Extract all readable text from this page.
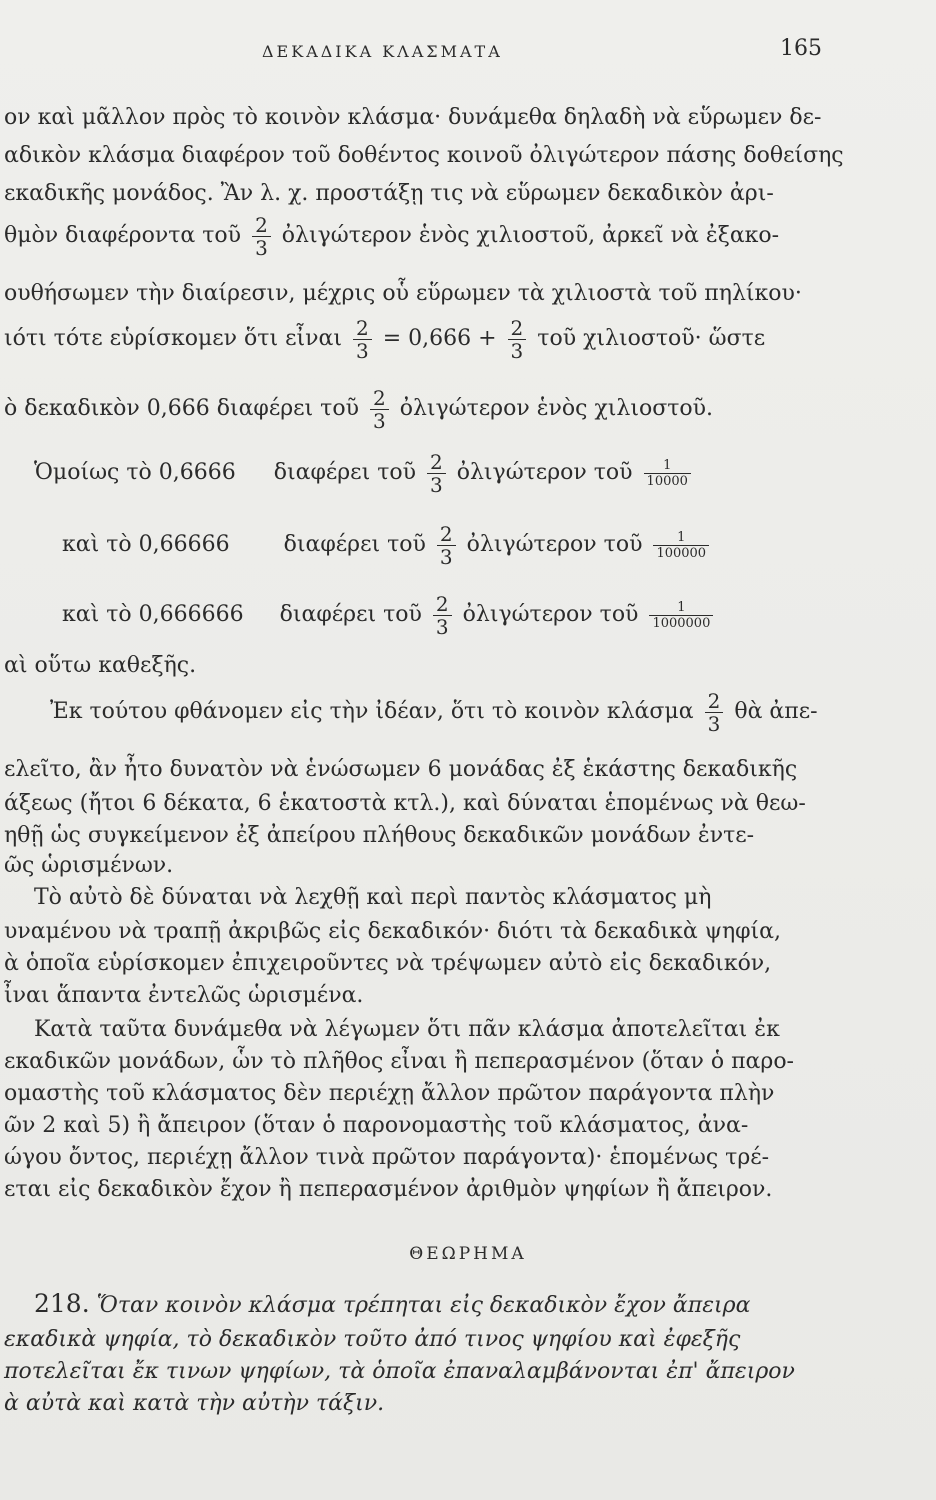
ΔΕΚΑΔΙΚΑ ΚΛΑΣΜΑΤΑ	165
ον καὶ μᾶλλον πρὸς τὸ κοινὸν κλάσμα· δυνάμεθα δηλαδὴ νὰ εὕρωμεν δε-
αδικὸν κλάσμα διαφέρον τοῦ δοθέντος κοινοῦ ὀλιγώτερον πάσης δοθείσης
εκαδικῆς μονάδος. Ἂν λ. χ. προστάξῃ τις νὰ εὕρωμεν δεκαδικὸν ἀρι-
θμὸν διαφέροντα τοῦ $\frac{2}{3}$ ὀλιγώτερον ἑνὸς χιλιοστοῦ, ἀρκεῖ νὰ ἐξακο-
ουθήσωμεν τὴν διαίρεσιν, μέχρις οὗ εὕρωμεν τὰ χιλιοστὰ τοῦ πηλίκου·
ιότι τότε εὑρίσκομεν ὅτι εἶναι $\frac{2}{3} = 0,666 + \frac{2}{3}$ τοῦ χιλιοστοῦ· ὥστε
ὸ δεκαδικὸν 0,666 διαφέρει τοῦ $\frac{2}{3}$ ὀλιγώτερον ἑνὸς χιλιοστοῦ.
Ὁμοίως τὸ 0,6666 διαφέρει τοῦ $\frac{2}{3}$ ὀλιγώτερον τοῦ $\frac{1}{10000}$
καὶ τὸ 0,66666 διαφέρει τοῦ $\frac{2}{3}$ ὀλιγώτερον τοῦ $\frac{1}{100000}$
καὶ τὸ 0,666666 διαφέρει τοῦ $\frac{2}{3}$ ὀλιγώτερον τοῦ $\frac{1}{1000000}$
αὶ οὕτω καθεξῆς.
Ἐκ τούτου φθάνομεν εἰς τὴν ἰδέαν, ὅτι τὸ κοινὸν κλάσμα $\frac{2}{3}$ θὰ ἀπε-
ελεῖτο, ἂν ἦτο δυνατὸν νὰ ἑνώσωμεν 6 μονάδας ἐξ ἑκάστης δεκαδικῆς
άξεως (ἤτοι 6 δέκατα, 6 ἑκατοστὰ κτλ.), καὶ δύναται ἑπομένως νὰ θεω-
ηθῇ ὡς συγκείμενον ἐξ ἀπείρου πλήθους δεκαδικῶν μονάδων ἐντε-
ῶς ὡρισμένων.
Τὸ αὐτὸ δὲ δύναται νὰ λεχθῇ καὶ περὶ παντὸς κλάσματος μὴ
υναμένου νὰ τραπῇ ἀκριβῶς εἰς δεκαδικόν· διότι τὰ δεκαδικὰ ψηφία,
ὰ ὁποῖα εὑρίσκομεν ἐπιχειροῦντες νὰ τρέψωμεν αὐτὸ εἰς δεκαδικόν,
ἶναι ἅπαντα ἐντελῶς ὡρισμένα.
Κατὰ ταῦτα δυνάμεθα νὰ λέγωμεν ὅτι πᾶν κλάσμα ἀποτελεῖται ἐκ
εκαδικῶν μονάδων, ὧν τὸ πλῆθος εἶναι ἢ πεπερασμένον (ὅταν ὁ παρο-
ομαστὴς τοῦ κλάσματος δὲν περιέχῃ ἄλλον πρῶτον παράγοντα πλὴν
ῶν 2 καὶ 5) ἢ ἄπειρον (ὅταν ὁ παρονομαστὴς τοῦ κλάσματος, ἀνα-
ώγου ὄντος, περιέχῃ ἄλλον τινὰ πρῶτον παράγοντα)· ἑπομένως τρέ-
εται εἰς δεκαδικὸν ἔχον ἢ πεπερασμένον ἀριθμὸν ψηφίων ἢ ἄπειρον.
ΘΕΩΡΗΜΑ
218. Ὅταν κοινὸν κλάσμα τρέπηται εἰς δεκαδικὸν ἔχον ἄπειρα
εκαδικὰ ψηφία, τὸ δεκαδικὸν τοῦτο ἀπό τινος ψηφίου καὶ ἐφεξῆς
ποτελεῖται ἔκ τινων ψηφίων, τὰ ὁποῖα ἐπαναλαμβάνονται ἐπ' ἄπειρον
ὰ αὐτὰ καὶ κατὰ τὴν αὐτὴν τάξιν.
